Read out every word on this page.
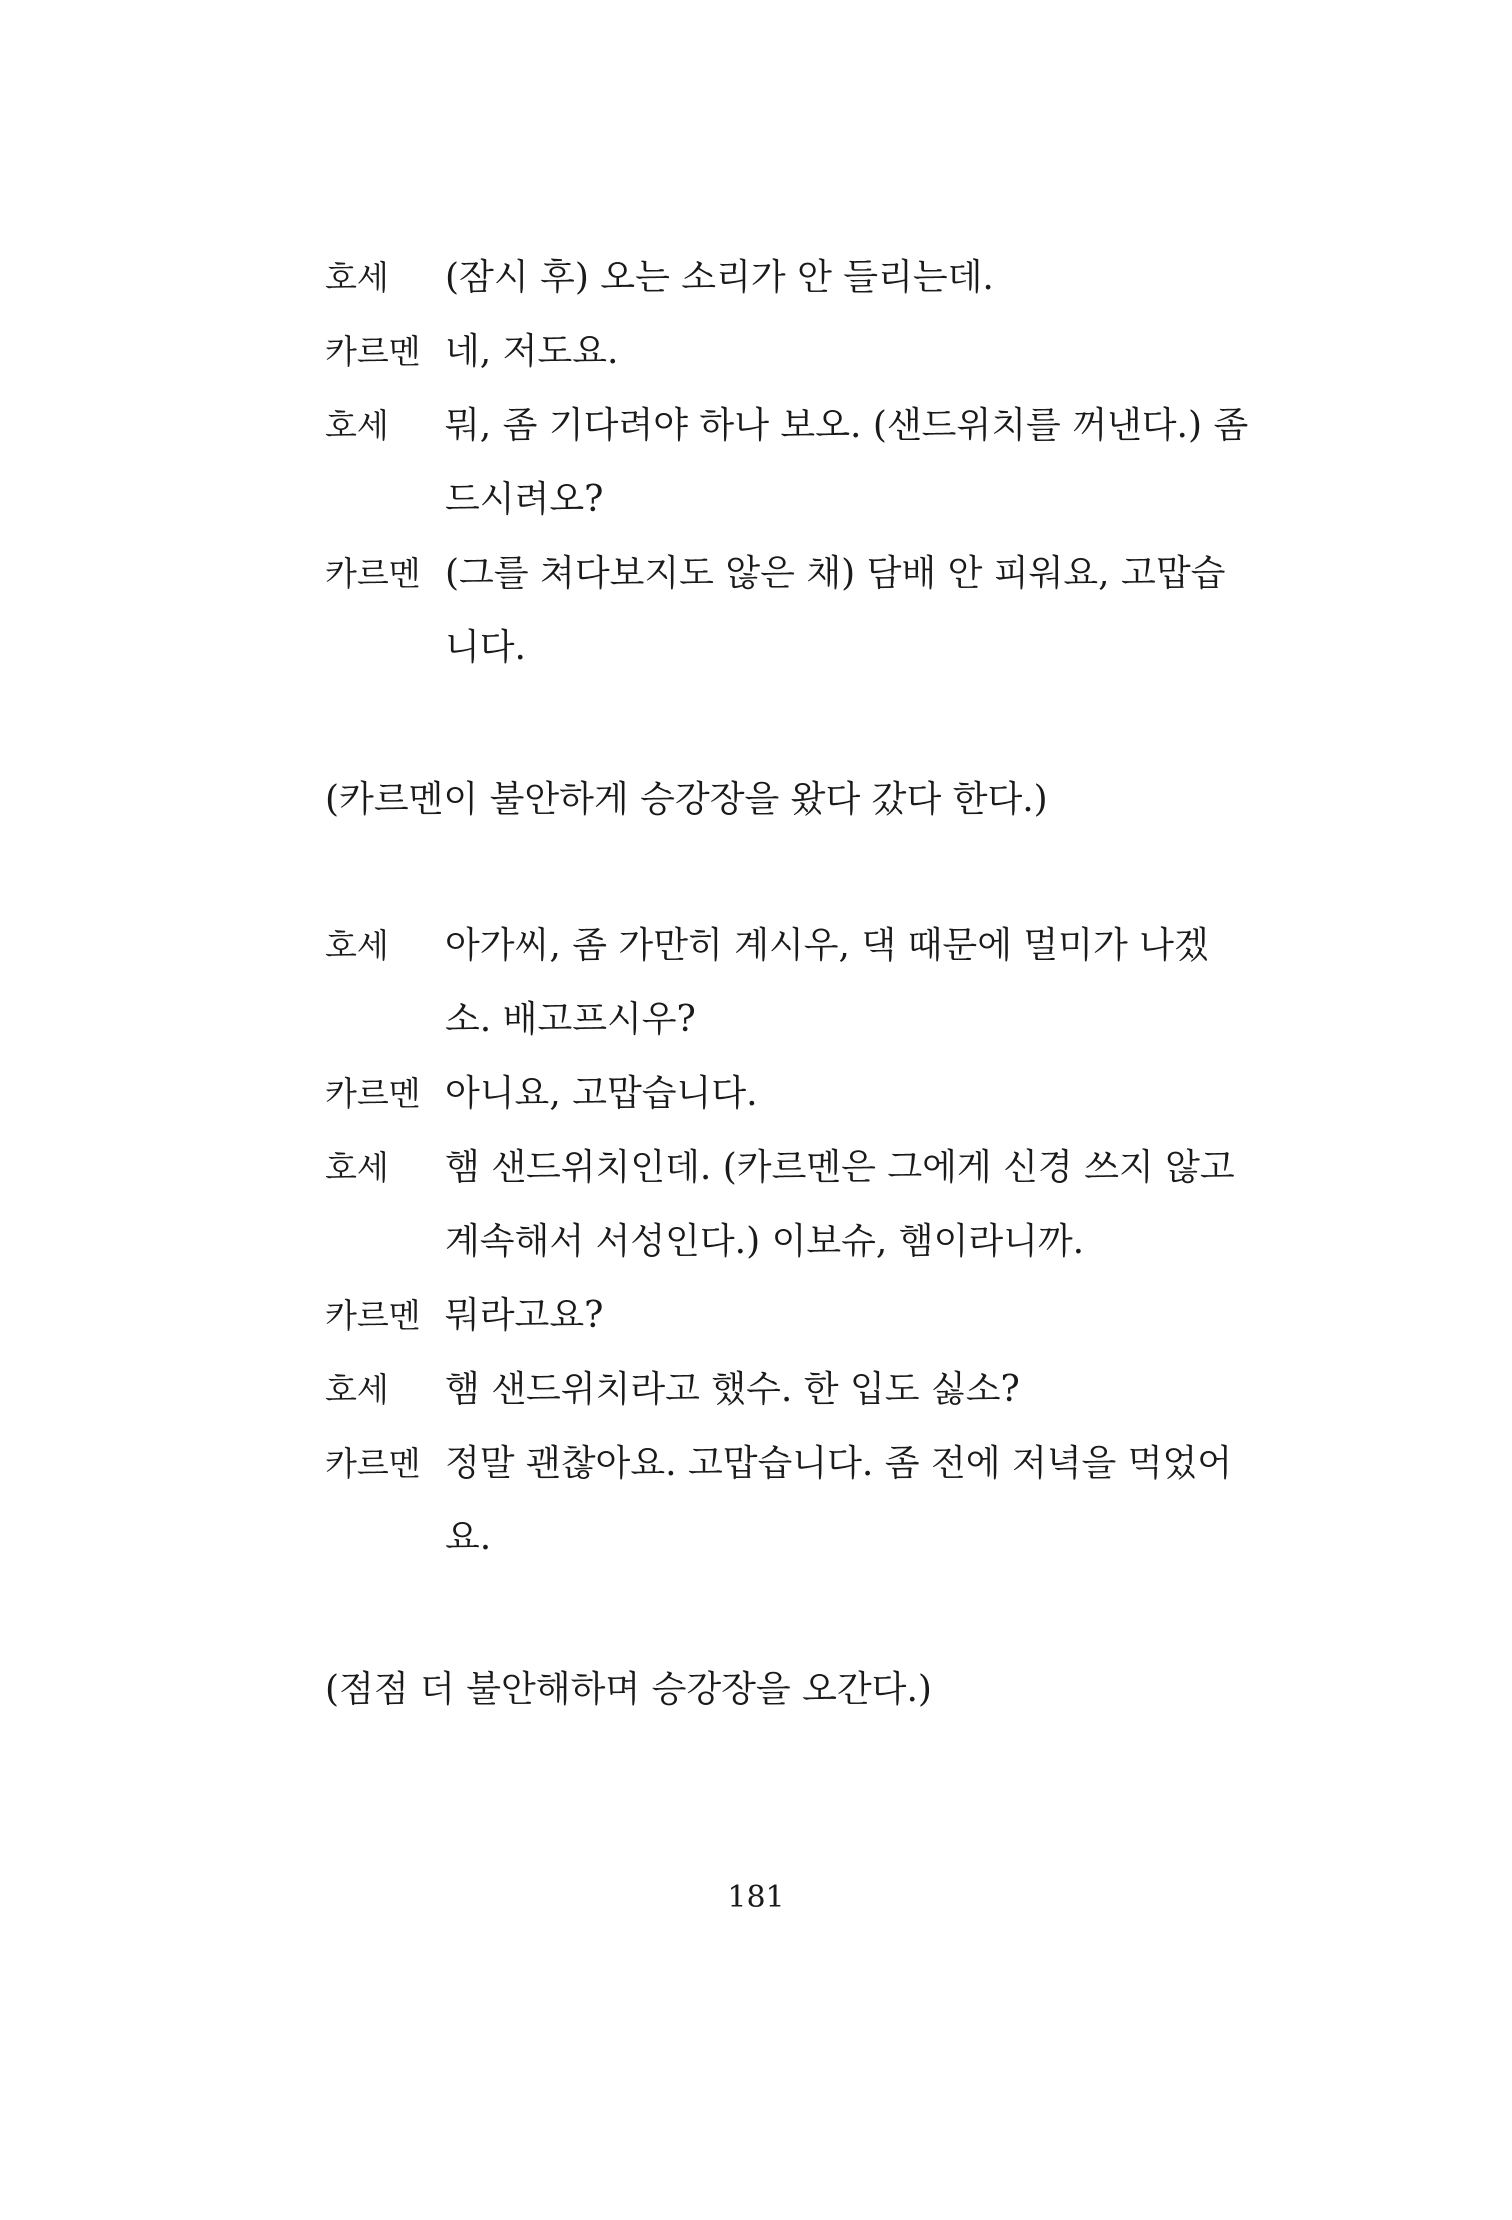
호세 (잠시 후) 오는 소리가 안 들리는데.
카르멘 네, 저도요.
호세 뭐, 좀 기다려야 하나 보오. (샌드위치를 꺼낸다.) 좀
드시려오?
카르멘 (그를 쳐다보지도 않은 채) 담배 안 피워요, 고맙습
니다.
(카르멘이 불안하게 승강장을 왔다 갔다 한다.)
호세 아가씨, 좀 가만히 계시우, 댁 때문에 멀미가 나겠
소. 배고프시우?
카르멘 아니요, 고맙습니다.
호세 햄 샌드위치인데. (카르멘은 그에게 신경 쓰지 않고
계속해서 서성인다.) 이보슈, 햄이라니까.
카르멘 뭐라고요?
호세 햄 샌드위치라고 했수. 한 입도 싫소?
카르멘 정말 괜찮아요. 고맙습니다. 좀 전에 저녁을 먹었어
요.
(점점 더 불안해하며 승강장을 오간다.)
181
